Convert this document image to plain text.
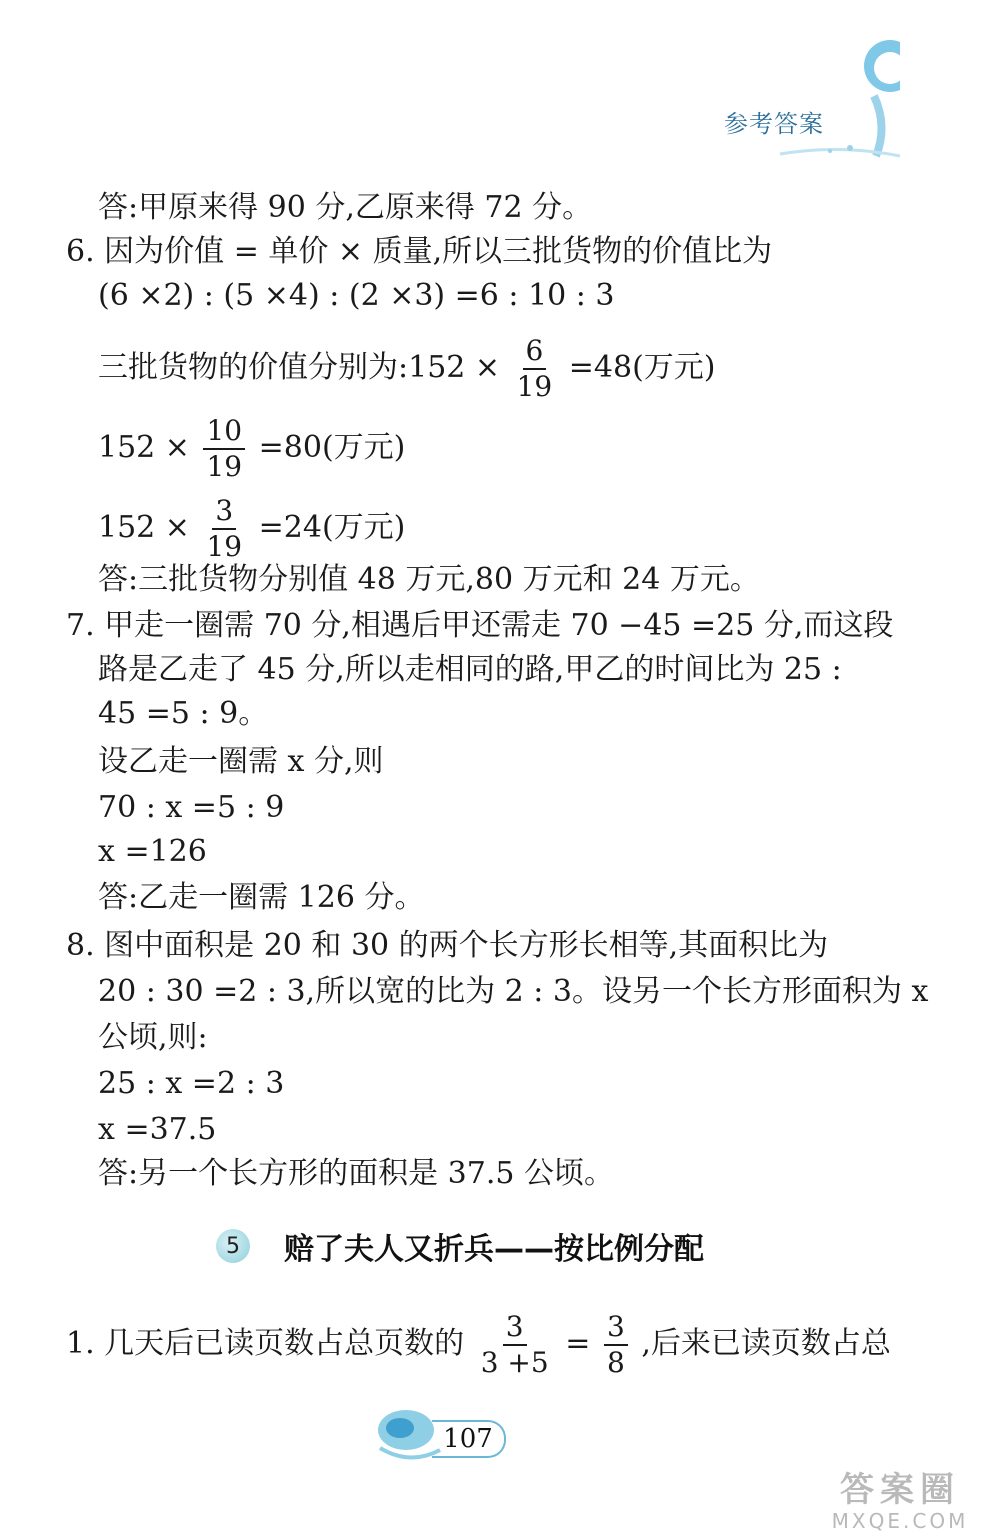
参考答案
答:甲原来得 90 分,乙原来得 72 分。
6. 因为价值 = 单价 × 质量,所以三批货物的价值比为
(6 ×2) : (5 ×4) : (2 ×3) =6 : 10 : 3
三批货物的价值分别为:152 × $\frac{6}{19} =48$(万元)
$152 \times \frac{10}{19} =80$(万元)
$152 \times \frac{3}{19} =24$(万元)
答:三批货物分别值 48 万元,80 万元和 24 万元。
7. 甲走一圈需 70 分,相遇后甲还需走 70 −45 =25 分,而这段
路是乙走了 45 分,所以走相同的路,甲乙的时间比为 25 :
45 =5 : 9。
设乙走一圈需 x 分,则
70 : x =5 : 9
x =126
答:乙走一圈需 126 分。
8. 图中面积是 20 和 30 的两个长方形长相等,其面积比为
20 : 30 =2 : 3,所以宽的比为 2 : 3。设另一个长方形面积为 x
公顷,则:
25 : x =2 : 3
x =37.5
答:另一个长方形的面积是 37.5 公顷。
5	赔了夫人又折兵——按比例分配
1. 几天后已读页数占总页数的 $\frac{3}{3 +5} = \frac{3}{8}$ ,后来已读页数占总
107
答案圈
MXQE.COM
